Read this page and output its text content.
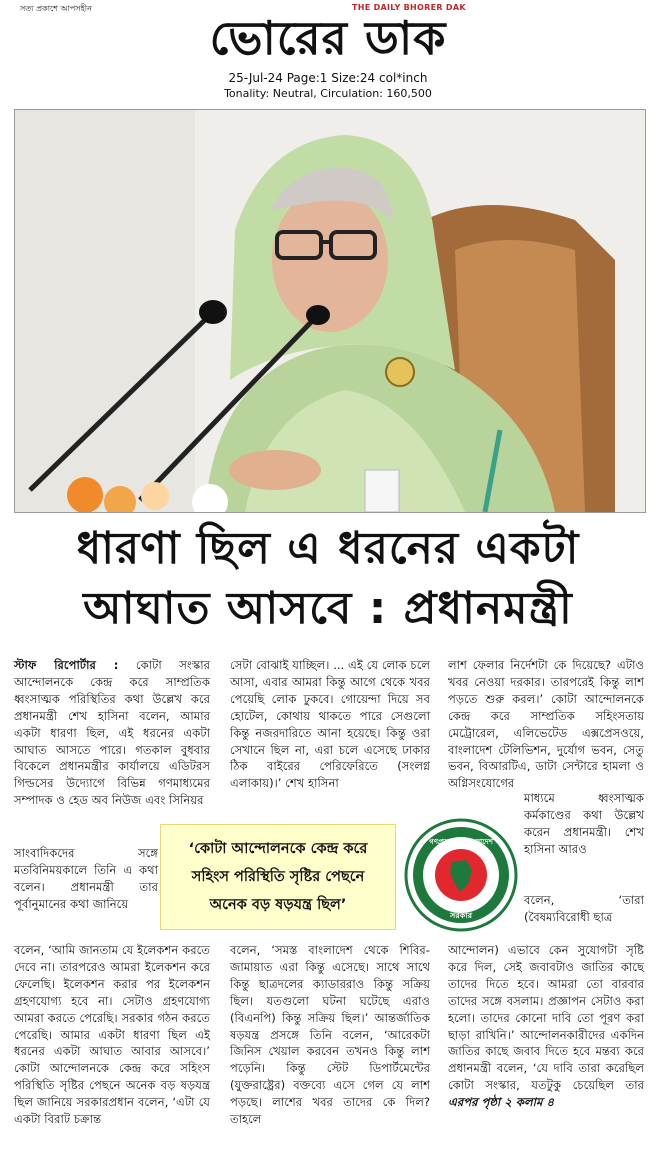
সত্য প্রকাশে আপসহীন	THE DAILY BHORER DAK
ভোরের ডাক
25-Jul-24 Page:1 Size:24 col*inch
Tonality: Neutral, Circulation: 160,500
ধারণা ছিল এ ধরনের একটা
আঘাত আসবে : প্রধানমন্ত্রী

স্টাফ রিপোর্টার : কোটা সংস্কার আন্দোলনকে কেন্দ্র করে সাম্প্রতিক ধ্বংসাত্মক পরিস্থিতির কথা উল্লেখ করে প্রধানমন্ত্রী শেখ হাসিনা বলেন, আমার একটা ধারণা ছিল, এই ধরনের একটা আঘাত আসতে পারে। গতকাল বুধবার বিকেলে প্রধানমন্ত্রীর কার্যালয়ে এডিটরস গিল্ডসের উদ্যোগে বিভিন্ন গণমাধ্যমের সম্পাদক ও হেড অব নিউজ এবং সিনিয়র

সাংবাদিকদের সঙ্গে মতবিনিময়কালে তিনি এ কথা বলেন। প্রধানমন্ত্রী তার পূর্বানুমানের কথা জানিয়ে

বলেন, ‘আমি জানতাম যে ইলেকশন করতে দেবে না। তারপরেও আমরা ইলেকশন করে ফেলেছি। ইলেকশন করার পর ইলেকশন গ্রহণযোগ্য হবে না। সেটাও গ্রহণযোগ্য আমরা করতে পেরেছি। সরকার গঠন করতে পেরেছি। আমার একটা ধারণা ছিল এই ধরনের একটা আঘাত আবার আসবে।’ কোটা আন্দোলনকে কেন্দ্র করে সহিংস পরিস্থিতি সৃষ্টির পেছনে অনেক বড় ষড়যন্ত্র ছিল জানিয়ে সরকারপ্রধান বলেন, ‘এটা যে একটা বিরাট চক্রান্ত

সেটা বোঝাই যাচ্ছিল। ... এই যে লোক চলে আসা, এবার আমরা কিন্তু আগে থেকে খবর পেয়েছি লোক ঢুকবে। গোয়েন্দা দিয়ে সব হোটেল, কোথায় থাকতে পারে সেগুলো কিন্তু নজরদারিতে আনা হয়েছে। কিন্তু ওরা সেখানে ছিল না, এরা চলে এসেছে ঢাকার ঠিক বাইরের পেরিফেরিতে (সংলগ্ন এলাকায়)।’ শেখ হাসিনা

বলেন, ‘সমস্ত বাংলাদেশ থেকে শিবির-জামায়াত এরা কিন্তু এসেছে। সাথে সাথে কিন্তু ছাত্রদলের ক্যাডাররাও কিন্তু সক্রিয় ছিল। যতগুলো ঘটনা ঘটেছে এরাও (বিএনপি) কিন্তু সক্রিয় ছিল।’ আন্তর্জাতিক ষড়যন্ত্র প্রসঙ্গে তিনি বলেন, ‘আরেকটা জিনিস খেয়াল করবেন তখনও কিন্তু লাশ পড়েনি। কিন্তু স্টেট ডিপার্টমেন্টের (যুক্তরাষ্ট্রের) বক্তব্যে এসে গেল যে লাশ পড়ছে। লাশের খবর তাদের কে দিল? তাহলে

লাশ ফেলার নির্দেশটা কে দিয়েছে? এটাও খবর নেওয়া দরকার। তারপরেই কিন্তু লাশ পড়তে শুরু করল।’ কোটা আন্দোলনকে কেন্দ্র করে সাম্প্রতিক সহিংসতায় মেট্রোরেল, এলিভেটেড এক্সপ্রেসওয়ে, বাংলাদেশ টেলিভিশন, দুর্যোগ ভবন, সেতু ভবন, বিআরটিএ, ডাটা সেন্টারে হামলা ও অগ্নিসংযোগের

মাধ্যমে ধ্বংসাত্মক কর্মকাণ্ডের কথা উল্লেখ করেন প্রধানমন্ত্রী। শেখ হাসিনা আরও

বলেন, ‘তারা (বৈষম্যবিরোধী ছাত্র

আন্দোলন) এভাবে কেন সুযোগটা সৃষ্টি করে দিল, সেই জবাবটাও জাতির কাছে তাদের দিতে হবে। আমরা তো বারবার তাদের সঙ্গে বসলাম। প্রজ্ঞাপন সেটাও করা হলো। তাদের কোনো দাবি তো পূরণ করা ছাড়া রাখিনি।’ আন্দোলনকারীদের একদিন জাতির কাছে জবাব দিতে হবে মন্তব্য করে প্রধানমন্ত্রী বলেন, ‘যে দাবি তারা করেছিল কোটা সংস্কার, যতটুকু চেয়েছিল তার এরপর পৃষ্ঠা ২ কলাম ৪

‘কোটা আন্দোলনকে কেন্দ্র করে
সহিংস পরিস্থিতি সৃষ্টির পেছনে
অনেক বড় ষড়যন্ত্র ছিল’
গণপ্রজাতন্ত্রী বাংলাদেশ
সরকার
